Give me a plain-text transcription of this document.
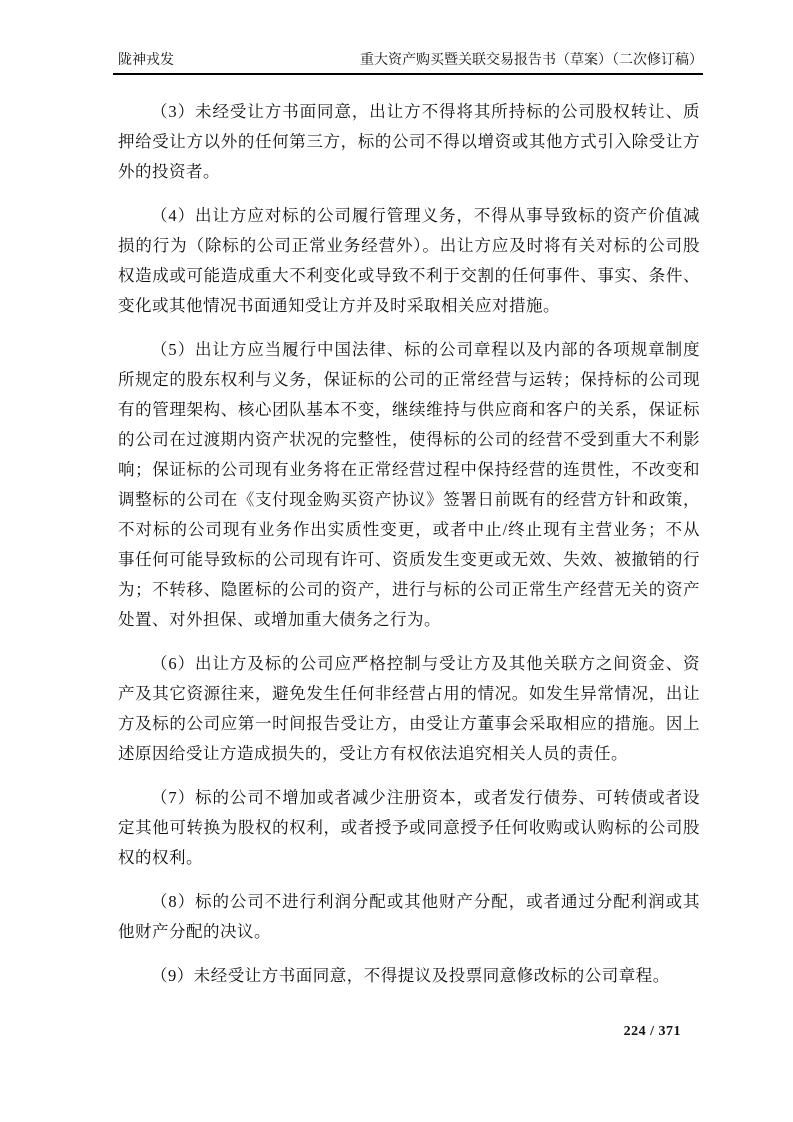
陇神戎发	重大资产购买暨关联交易报告书（草案）（二次修订稿）

（3）未经受让方书面同意，出让方不得将其所持标的公司股权转让、质押给受让方以外的任何第三方，标的公司不得以增资或其他方式引入除受让方外的投资者。

（4）出让方应对标的公司履行管理义务，不得从事导致标的资产价值减损的行为（除标的公司正常业务经营外）。出让方应及时将有关对标的公司股权造成或可能造成重大不利变化或导致不利于交割的任何事件、事实、条件、变化或其他情况书面通知受让方并及时采取相关应对措施。

（5）出让方应当履行中国法律、标的公司章程以及内部的各项规章制度所规定的股东权利与义务，保证标的公司的正常经营与运转；保持标的公司现有的管理架构、核心团队基本不变，继续维持与供应商和客户的关系，保证标的公司在过渡期内资产状况的完整性，使得标的公司的经营不受到重大不利影响；保证标的公司现有业务将在正常经营过程中保持经营的连贯性，不改变和调整标的公司在《支付现金购买资产协议》签署日前既有的经营方针和政策，不对标的公司现有业务作出实质性变更，或者中止/终止现有主营业务；不从事任何可能导致标的公司现有许可、资质发生变更或无效、失效、被撤销的行为；不转移、隐匿标的公司的资产，进行与标的公司正常生产经营无关的资产处置、对外担保、或增加重大债务之行为。

（6）出让方及标的公司应严格控制与受让方及其他关联方之间资金、资产及其它资源往来，避免发生任何非经营占用的情况。如发生异常情况，出让方及标的公司应第一时间报告受让方，由受让方董事会采取相应的措施。因上述原因给受让方造成损失的，受让方有权依法追究相关人员的责任。

（7）标的公司不增加或者减少注册资本，或者发行债券、可转债或者设定其他可转换为股权的权利，或者授予或同意授予任何收购或认购标的公司股权的权利。

（8）标的公司不进行利润分配或其他财产分配，或者通过分配利润或其他财产分配的决议。

（9）未经受让方书面同意，不得提议及投票同意修改标的公司章程。

224 / 371
